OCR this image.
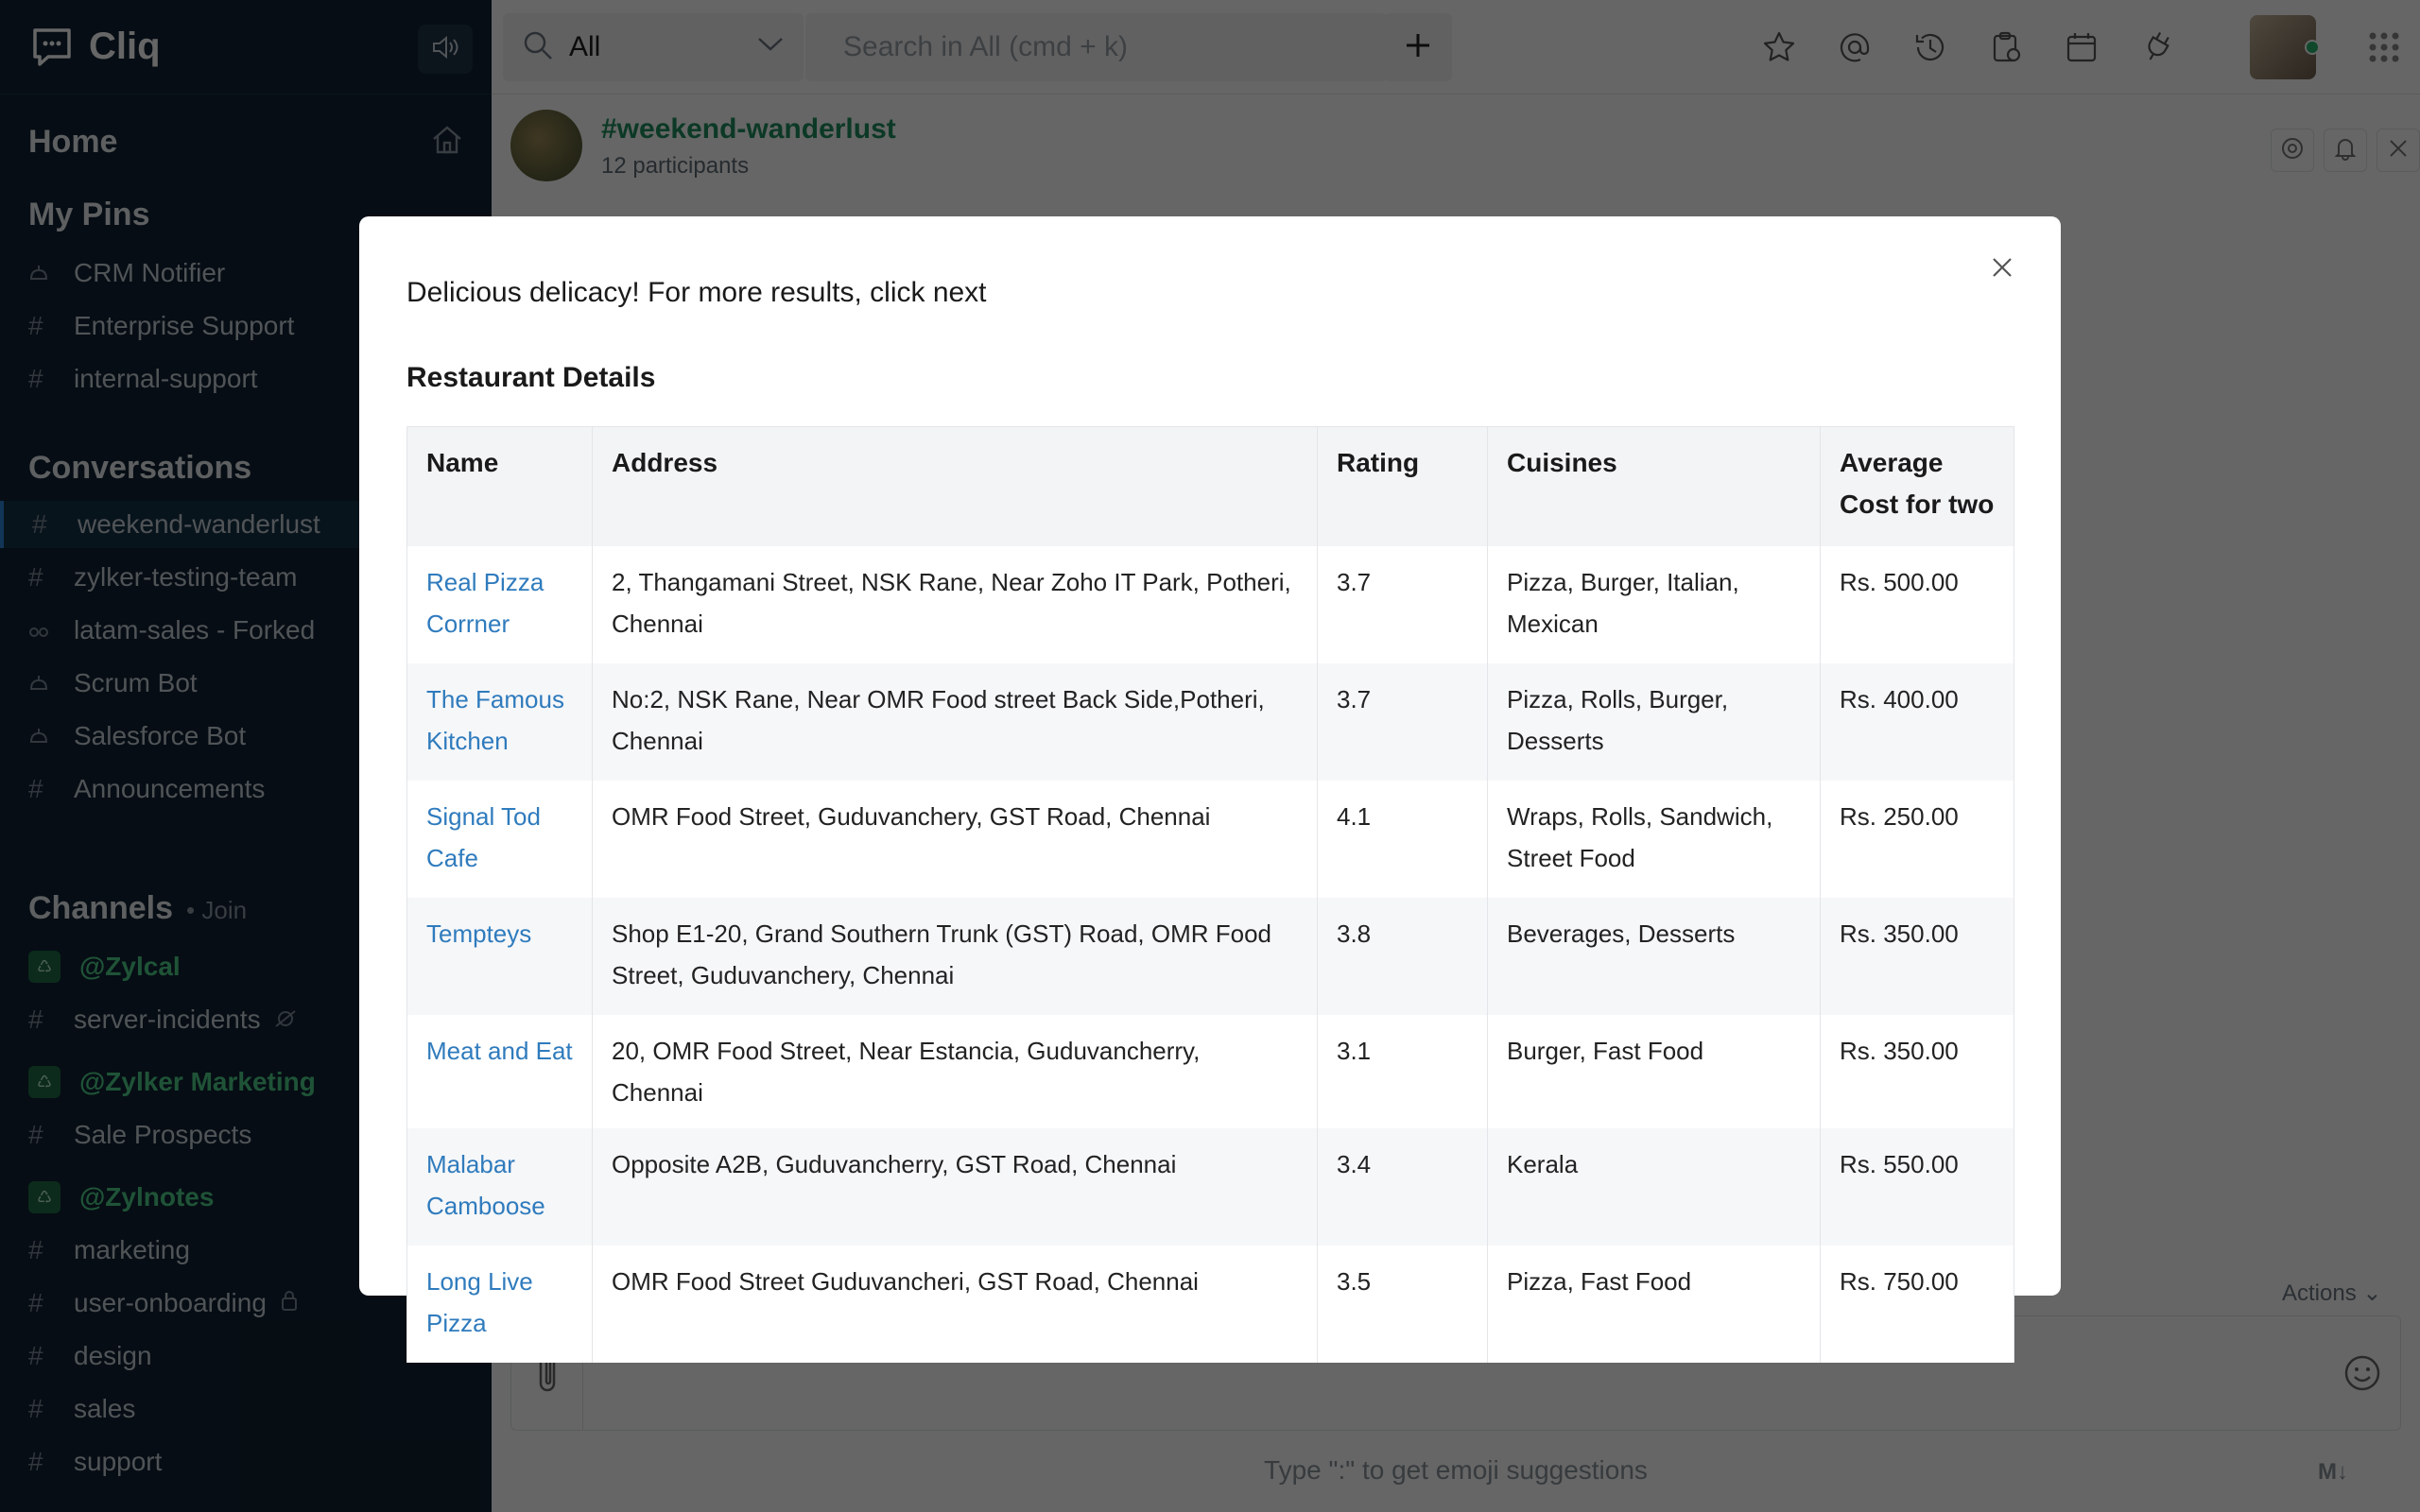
Delicious delicacy! For more results, click next
Restaurant Details
Name	Address	Rating	Cuisines	Average Cost for two
Real Pizza Corrner	2, Thangamani Street, NSK Rane, Near Zoho IT Park, Potheri, Chennai	3.7	Pizza, Burger, Italian, Mexican	Rs. 500.00
The Famous Kitchen	No:2, NSK Rane, Near OMR Food street Back Side,Potheri, Chennai	3.7	Pizza, Rolls, Burger, Desserts	Rs. 400.00
Signal Tod Cafe	OMR Food Street, Guduvanchery, GST Road, Chennai	4.1	Wraps, Rolls, Sandwich, Street Food	Rs. 250.00
Tempteys	Shop E1-20, Grand Southern Trunk (GST) Road, OMR Food Street, Guduvanchery, Chennai	3.8	Beverages, Desserts	Rs. 350.00
Meat and Eat	20, OMR Food Street, Near Estancia, Guduvancherry, Chennai	3.1	Burger, Fast Food	Rs. 350.00
Malabar Camboose	Opposite A2B, Guduvancherry, GST Road, Chennai	3.4	Kerala	Rs. 550.00
Long Live Pizza	OMR Food Street Guduvancheri, GST Road, Chennai	3.5	Pizza, Fast Food	Rs. 750.00
